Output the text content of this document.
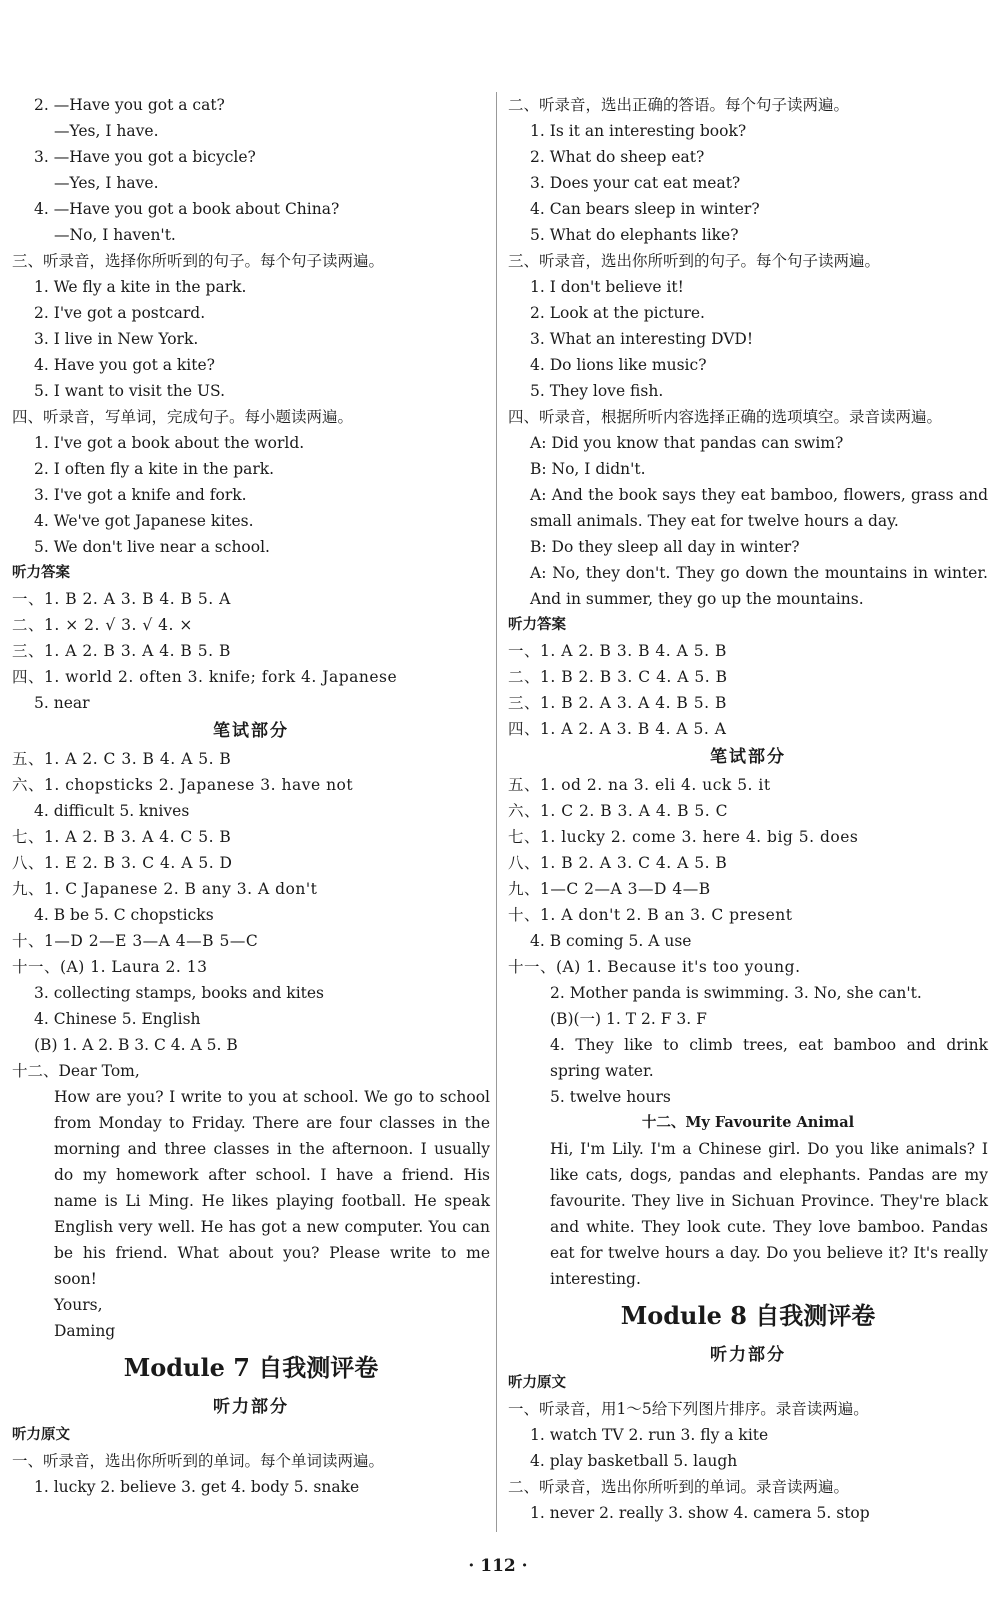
2. —Have you got a cat?
—Yes, I have.
3. —Have you got a bicycle?
—Yes, I have.
4. —Have you got a book about China?
—No, I haven't.
三、听录音，选择你所听到的句子。每个句子读两遍。
1. We fly a kite in the park.
2. I've got a postcard.
3. I live in New York.
4. Have you got a kite?
5. I want to visit the US.
四、听录音，写单词，完成句子。每小题读两遍。
1. I've got a book about the world.
2. I often fly a kite in the park.
3. I've got a knife and fork.
4. We've got Japanese kites.
5. We don't live near a school.
听力答案
一、1. B 2. A 3. B 4. B 5. A
二、1. × 2. √ 3. √ 4. ×
三、1. A 2. B 3. A 4. B 5. B
四、1. world 2. often 3. knife; fork 4. Japanese
5. near
笔试部分
五、1. A 2. C 3. B 4. A 5. B
六、1. chopsticks 2. Japanese 3. have not
4. difficult 5. knives
七、1. A 2. B 3. A 4. C 5. B
八、1. E 2. B 3. C 4. A 5. D
九、1. C Japanese 2. B any 3. A don't
4. B be 5. C chopsticks
十、1—D 2—E 3—A 4—B 5—C
十一、(A) 1. Laura 2. 13
3. collecting stamps, books and kites
4. Chinese 5. English
(B) 1. A 2. B 3. C 4. A 5. B
十二、Dear Tom,
How are you? I write to you at school. We go to school from Monday to Friday. There are four classes in the morning and three classes in the afternoon. I usually do my homework after school. I have a friend. His name is Li Ming. He likes playing football. He speak English very well. He has got a new computer. You can be his friend. What about you? Please write to me soon!
Yours,
Daming
Module 7 自我测评卷
听力部分
听力原文
一、听录音，选出你所听到的单词。每个单词读两遍。
1. lucky 2. believe 3. get 4. body 5. snake
二、听录音，选出正确的答语。每个句子读两遍。
1. Is it an interesting book?
2. What do sheep eat?
3. Does your cat eat meat?
4. Can bears sleep in winter?
5. What do elephants like?
三、听录音，选出你所听到的句子。每个句子读两遍。
1. I don't believe it!
2. Look at the picture.
3. What an interesting DVD!
4. Do lions like music?
5. They love fish.
四、听录音，根据所听内容选择正确的选项填空。录音读两遍。
A: Did you know that pandas can swim?
B: No, I didn't.
A: And the book says they eat bamboo, flowers, grass and small animals. They eat for twelve hours a day.
B: Do they sleep all day in winter?
A: No, they don't. They go down the mountains in winter. And in summer, they go up the mountains.
听力答案
一、1. A 2. B 3. B 4. A 5. B
二、1. B 2. B 3. C 4. A 5. B
三、1. B 2. A 3. A 4. B 5. B
四、1. A 2. A 3. B 4. A 5. A
笔试部分
五、1. od 2. na 3. eli 4. uck 5. it
六、1. C 2. B 3. A 4. B 5. C
七、1. lucky 2. come 3. here 4. big 5. does
八、1. B 2. A 3. C 4. A 5. B
九、1—C 2—A 3—D 4—B
十、1. A don't 2. B an 3. C present
4. B coming 5. A use
十一、(A) 1. Because it's too young.
2. Mother panda is swimming. 3. No, she can't.
(B)(一) 1. T 2. F 3. F
4. They like to climb trees, eat bamboo and drink spring water.
5. twelve hours
十二、My Favourite Animal
Hi, I'm Lily. I'm a Chinese girl. Do you like animals? I like cats, dogs, pandas and elephants. Pandas are my favourite. They live in Sichuan Province. They're black and white. They look cute. They love bamboo. Pandas eat for twelve hours a day. Do you believe it? It's really interesting.
Module 8 自我测评卷
听力部分
听力原文
一、听录音，用1～5给下列图片排序。录音读两遍。
1. watch TV 2. run 3. fly a kite
4. play basketball 5. laugh
二、听录音，选出你所听到的单词。录音读两遍。
1. never 2. really 3. show 4. camera 5. stop
· 112 ·
